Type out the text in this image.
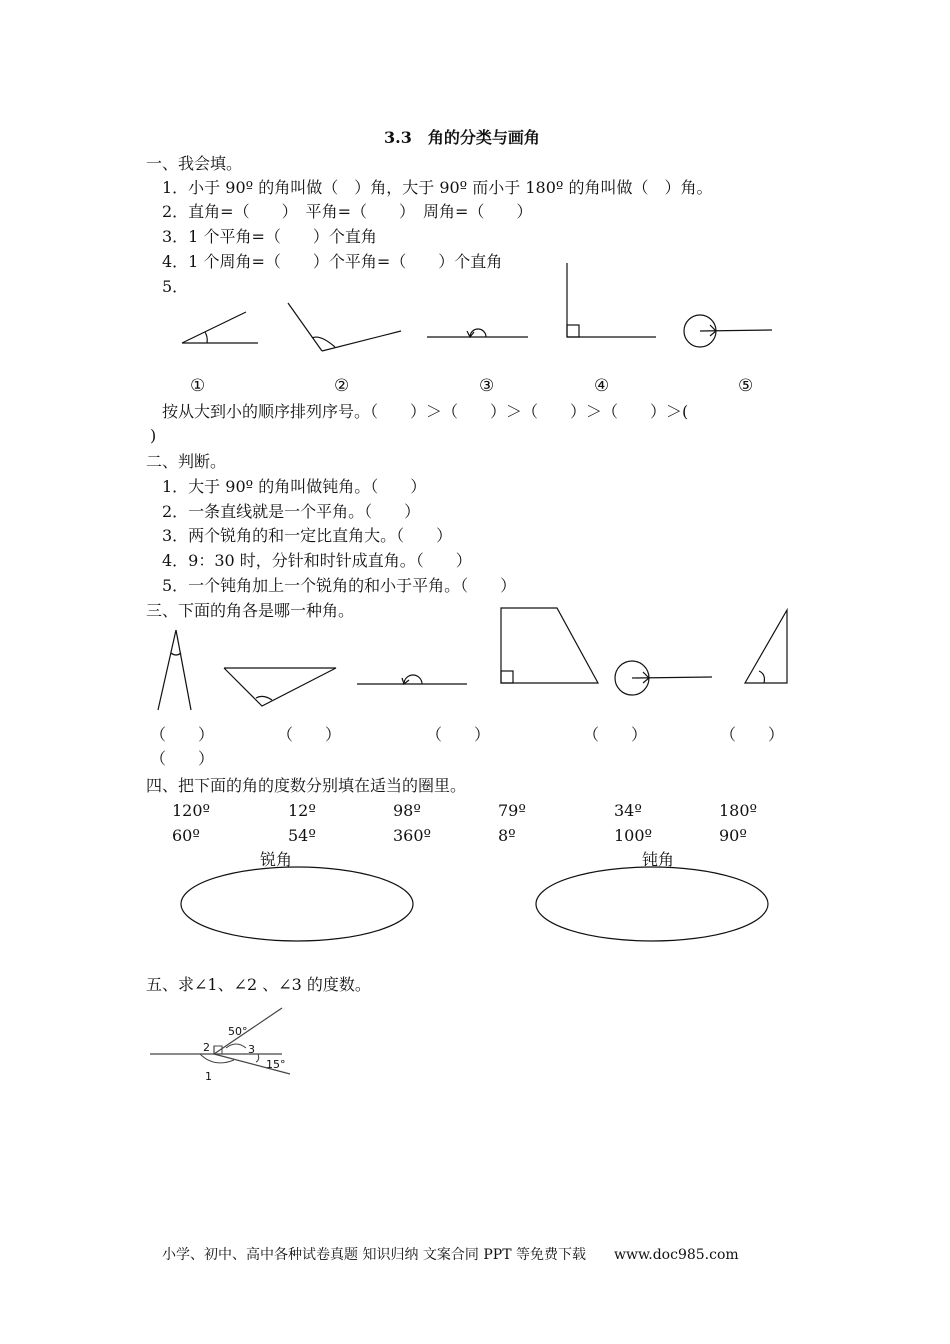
3.3　角的分类与画角
一、我会填。
1．小于 90º 的角叫做（　）角，大于 90º 而小于 180º 的角叫做（　）角。
2．直角=（　　）　平角=（　　）　周角=（　　）
3．1 个平角=（　　）个直角
4．1 个周角=（　　）个平角=（　　）个直角
5．
①	②	③	④	⑤
按从大到小的顺序排列序号。（　　）＞（　　）＞（　　）＞（　　）＞(
)
二、判断。
1．大于 90º 的角叫做钝角。（　　）
2．一条直线就是一个平角。（　　）
3．两个锐角的和一定比直角大。（　　）
4．9：30 时，分针和时针成直角。（　　）
5．一个钝角加上一个锐角的和小于平角。（　　）
三、下面的角各是哪一种角。
（　　）	（　　）	（　　）	（　　）	（　　）
（　　）
四、把下面的角的度数分别填在适当的圈里。
120º	12º	98º	79º	34º	180º
60º	54º	360º	8º	100º	90º
锐角	钝角
五、求∠1、∠2 、∠3 的度数。
50°
2	3
15°
1
小学、初中、高中各种试卷真题 知识归纳 文案合同 PPT 等免费下载　　www.doc985.com
